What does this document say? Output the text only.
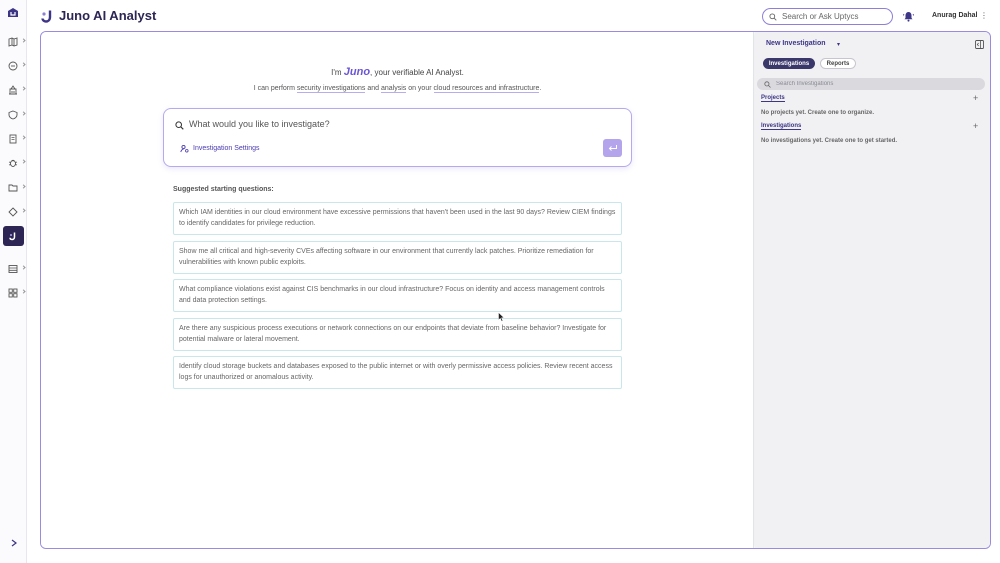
Juno AI Analyst
Search or Ask Uptycs	Anurag Dahal ⋮
I'm Juno, your verifiable AI Analyst.
I can perform security investigations and analysis on your cloud resources and infrastructure.
What would you like to investigate?
Investigation Settings
Suggested starting questions:
Which IAM identities in our cloud environment have excessive permissions that haven't been used in the last 90 days? Review CIEM findings to identify candidates for privilege reduction.
Show me all critical and high-severity CVEs affecting software in our environment that currently lack patches. Prioritize remediation for vulnerabilities with known public exploits.
What compliance violations exist against CIS benchmarks in our cloud infrastructure? Focus on identity and access management controls and data protection settings.
Are there any suspicious process executions or network connections on our endpoints that deviate from baseline behavior? Investigate for potential malware or lateral movement.
Identify cloud storage buckets and databases exposed to the public internet or with overly permissive access policies. Review recent access logs for unauthorized or anomalous activity.
New Investigation ▾
Investigations	Reports
Search Investigations
Projects	+
No projects yet. Create one to organize.
Investigations	+
No investigations yet. Create one to get started.
